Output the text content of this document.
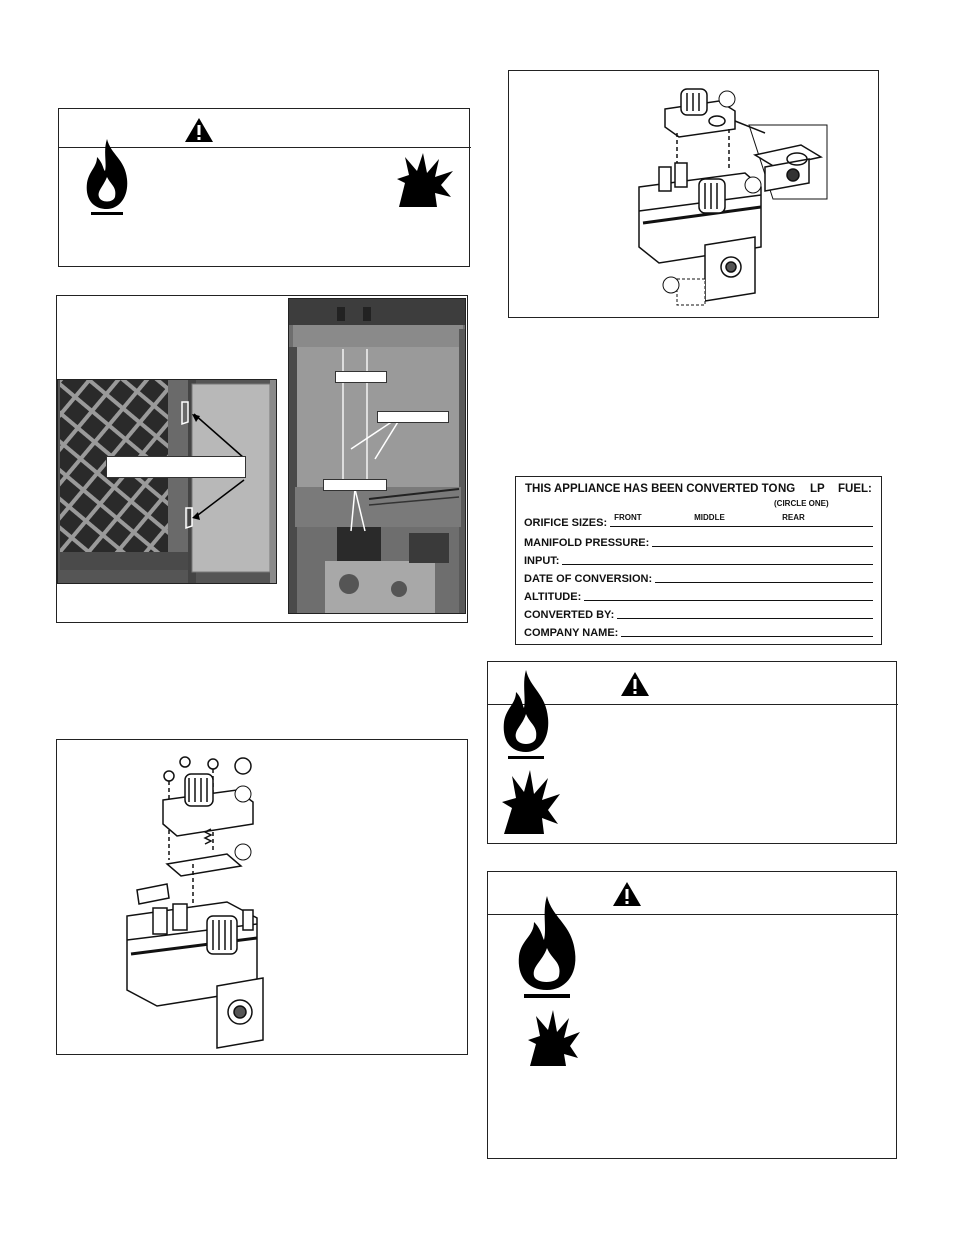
THIS APPLIANCE HAS BEEN CONVERTED TO NG LP FUEL:
(CIRCLE ONE)
ORIFICE SIZES: FRONT	MIDDLE	REAR
MANIFOLD PRESSURE:
INPUT:
DATE OF CONVERSION:
ALTITUDE:
CONVERTED BY:
COMPANY NAME:
